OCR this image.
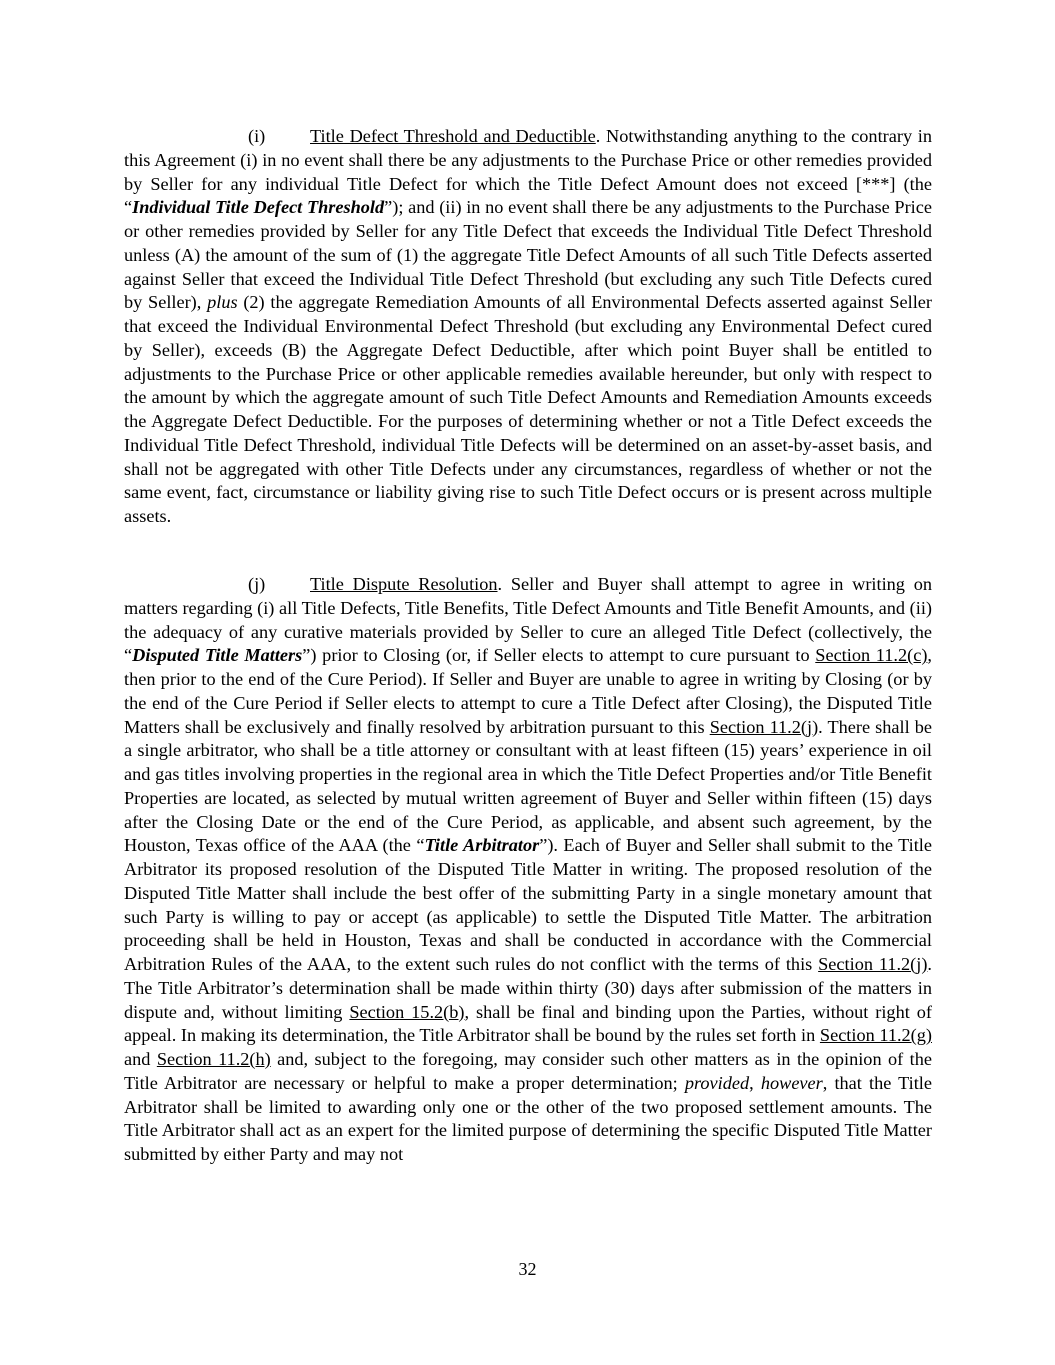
(i) Title Defect Threshold and Deductible. Notwithstanding anything to the contrary in this Agreement (i) in no event shall there be any adjustments to the Purchase Price or other remedies provided by Seller for any individual Title Defect for which the Title Defect Amount does not exceed [***] (the “Individual Title Defect Threshold”); and (ii) in no event shall there be any adjustments to the Purchase Price or other remedies provided by Seller for any Title Defect that exceeds the Individual Title Defect Threshold unless (A) the amount of the sum of (1) the aggregate Title Defect Amounts of all such Title Defects asserted against Seller that exceed the Individual Title Defect Threshold (but excluding any such Title Defects cured by Seller), plus (2) the aggregate Remediation Amounts of all Environmental Defects asserted against Seller that exceed the Individual Environmental Defect Threshold (but excluding any Environmental Defect cured by Seller), exceeds (B) the Aggregate Defect Deductible, after which point Buyer shall be entitled to adjustments to the Purchase Price or other applicable remedies available hereunder, but only with respect to the amount by which the aggregate amount of such Title Defect Amounts and Remediation Amounts exceeds the Aggregate Defect Deductible. For the purposes of determining whether or not a Title Defect exceeds the Individual Title Defect Threshold, individual Title Defects will be determined on an asset-by-asset basis, and shall not be aggregated with other Title Defects under any circumstances, regardless of whether or not the same event, fact, circumstance or liability giving rise to such Title Defect occurs or is present across multiple assets.

(j) Title Dispute Resolution. Seller and Buyer shall attempt to agree in writing on matters regarding (i) all Title Defects, Title Benefits, Title Defect Amounts and Title Benefit Amounts, and (ii) the adequacy of any curative materials provided by Seller to cure an alleged Title Defect (collectively, the “Disputed Title Matters”) prior to Closing (or, if Seller elects to attempt to cure pursuant to Section 11.2(c), then prior to the end of the Cure Period). If Seller and Buyer are unable to agree in writing by Closing (or by the end of the Cure Period if Seller elects to attempt to cure a Title Defect after Closing), the Disputed Title Matters shall be exclusively and finally resolved by arbitration pursuant to this Section 11.2(j). There shall be a single arbitrator, who shall be a title attorney or consultant with at least fifteen (15) years’ experience in oil and gas titles involving properties in the regional area in which the Title Defect Properties and/or Title Benefit Properties are located, as selected by mutual written agreement of Buyer and Seller within fifteen (15) days after the Closing Date or the end of the Cure Period, as applicable, and absent such agreement, by the Houston, Texas office of the AAA (the “Title Arbitrator”). Each of Buyer and Seller shall submit to the Title Arbitrator its proposed resolution of the Disputed Title Matter in writing. The proposed resolution of the Disputed Title Matter shall include the best offer of the submitting Party in a single monetary amount that such Party is willing to pay or accept (as applicable) to settle the Disputed Title Matter. The arbitration proceeding shall be held in Houston, Texas and shall be conducted in accordance with the Commercial Arbitration Rules of the AAA, to the extent such rules do not conflict with the terms of this Section 11.2(j). The Title Arbitrator’s determination shall be made within thirty (30) days after submission of the matters in dispute and, without limiting Section 15.2(b), shall be final and binding upon the Parties, without right of appeal. In making its determination, the Title Arbitrator shall be bound by the rules set forth in Section 11.2(g) and Section 11.2(h) and, subject to the foregoing, may consider such other matters as in the opinion of the Title Arbitrator are necessary or helpful to make a proper determination; provided, however, that the Title Arbitrator shall be limited to awarding only one or the other of the two proposed settlement amounts. The Title Arbitrator shall act as an expert for the limited purpose of determining the specific Disputed Title Matter submitted by either Party and may not

32
